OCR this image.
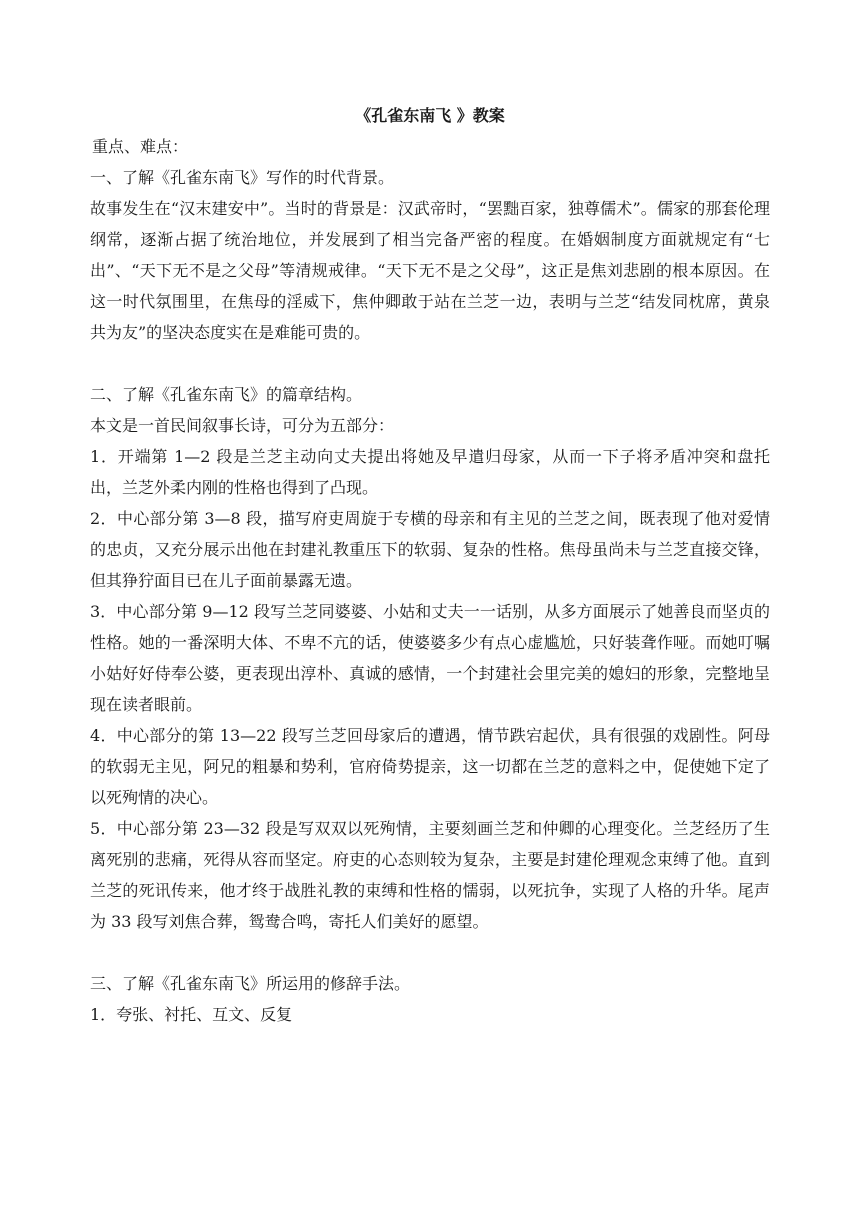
《孔雀东南飞 》教案

重点、难点：

一、了解《孔雀东南飞》写作的时代背景。

故事发生在“汉末建安中”。当时的背景是：汉武帝时，“罢黜百家，独尊儒术”。儒家的那套伦理纲常，逐渐占据了统治地位，并发展到了相当完备严密的程度。在婚姻制度方面就规定有“七出”、“天下无不是之父母”等清规戒律。“天下无不是之父母”，这正是焦刘悲剧的根本原因。在这一时代氛围里，在焦母的淫威下，焦仲卿敢于站在兰芝一边，表明与兰芝“结发同枕席，黄泉共为友”的坚决态度实在是难能可贵的。

二、了解《孔雀东南飞》的篇章结构。

本文是一首民间叙事长诗，可分为五部分：

1．开端第 1—2 段是兰芝主动向丈夫提出将她及早遣归母家，从而一下子将矛盾冲突和盘托出，兰芝外柔内刚的性格也得到了凸现。

2．中心部分第 3—8 段，描写府吏周旋于专横的母亲和有主见的兰芝之间，既表现了他对爱情的忠贞，又充分展示出他在封建礼教重压下的软弱、复杂的性格。焦母虽尚未与兰芝直接交锋，但其狰狞面目已在儿子面前暴露无遗。

3．中心部分第 9—12 段写兰芝同婆婆、小姑和丈夫一一话别，从多方面展示了她善良而坚贞的性格。她的一番深明大体、不卑不亢的话，使婆婆多少有点心虚尴尬，只好装聋作哑。而她叮嘱小姑好好侍奉公婆，更表现出淳朴、真诚的感情，一个封建社会里完美的媳妇的形象，完整地呈现在读者眼前。

4．中心部分的第 13—22 段写兰芝回母家后的遭遇，情节跌宕起伏，具有很强的戏剧性。阿母的软弱无主见，阿兄的粗暴和势利，官府倚势提亲，这一切都在兰芝的意料之中，促使她下定了以死殉情的决心。

5．中心部分第 23—32 段是写双双以死殉情，主要刻画兰芝和仲卿的心理变化。兰芝经历了生离死别的悲痛，死得从容而坚定。府吏的心态则较为复杂，主要是封建伦理观念束缚了他。直到兰芝的死讯传来，他才终于战胜礼教的束缚和性格的懦弱，以死抗争，实现了人格的升华。尾声为 33 段写刘焦合葬，鸳鸯合鸣，寄托人们美好的愿望。

三、了解《孔雀东南飞》所运用的修辞手法。

1．夸张、衬托、互文、反复
